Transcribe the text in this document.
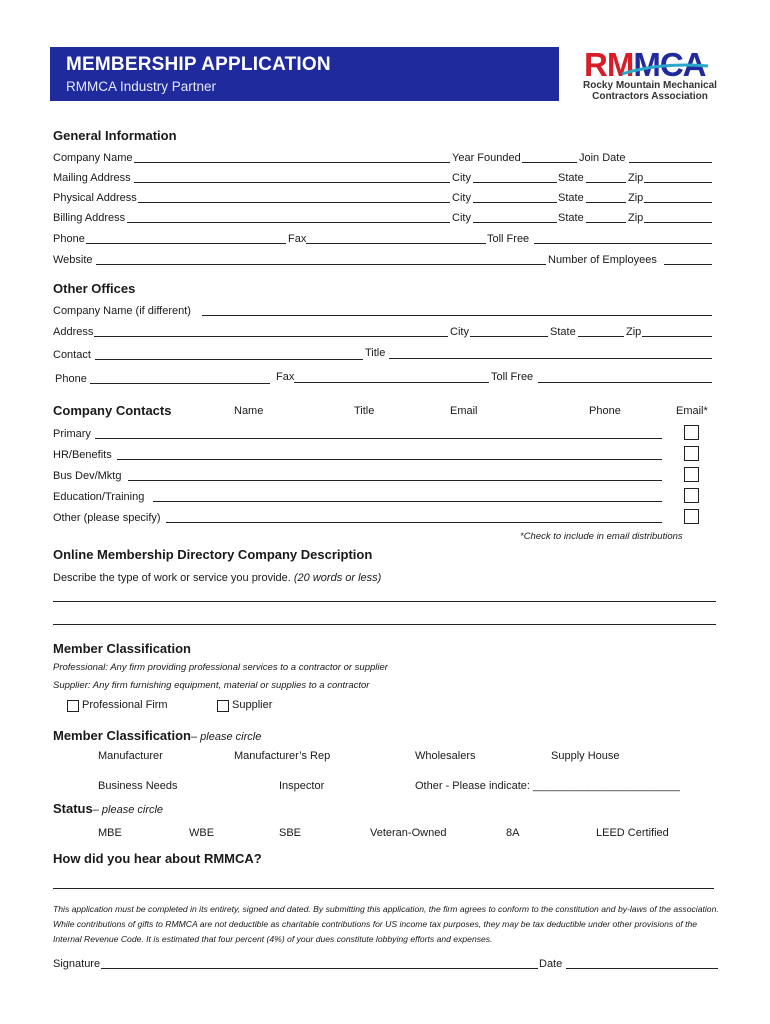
MEMBERSHIP APPLICATION
RMMCA Industry Partner
RMMCA
Rocky Mountain Mechanical
Contractors Association
General Information
Company Name	Year Founded	Join Date
Mailing Address	City	State	Zip
Physical Address	City	State	Zip
Billing Address	City	State	Zip
Phone	Fax	Toll Free
Website	Number of Employees
Other Offices
Company Name (if different)
Address	City	State	Zip
Contact	Title
Phone	Fax	Toll Free
Company Contacts	Name	Title	Email	Phone	Email*
Primary
HR/Benefits
Bus Dev/Mktg
Education/Training
Other (please specify)
*Check to include in email distributions
Online Membership Directory Company Description
Describe the type of work or service you provide. (20 words or less)
Member Classification
Professional: Any firm providing professional services to a contractor or supplier
Supplier: Any firm furnishing equipment, material or supplies to a contractor
Professional Firm	Supplier
Member Classification– please circle
Manufacturer	Manufacturer’s Rep	Wholesalers	Supply House
Business Needs	Inspector	Other - Please indicate: ________________________
Status– please circle
MBE	WBE	SBE	Veteran-Owned	8A	LEED Certified
How did you hear about RMMCA?
This application must be completed in its entirety, signed and dated. By submitting this application, the firm agrees to conform to the constitution and by-laws of the association. While contributions of gifts to RMMCA are not deductible as charitable contributions for US income tax purposes, they may be tax deductible under other provisions of the Internal Revenue Code. It is estimated that four percent (4%) of your dues constitute lobbying efforts and expenses.
Signature	Date
